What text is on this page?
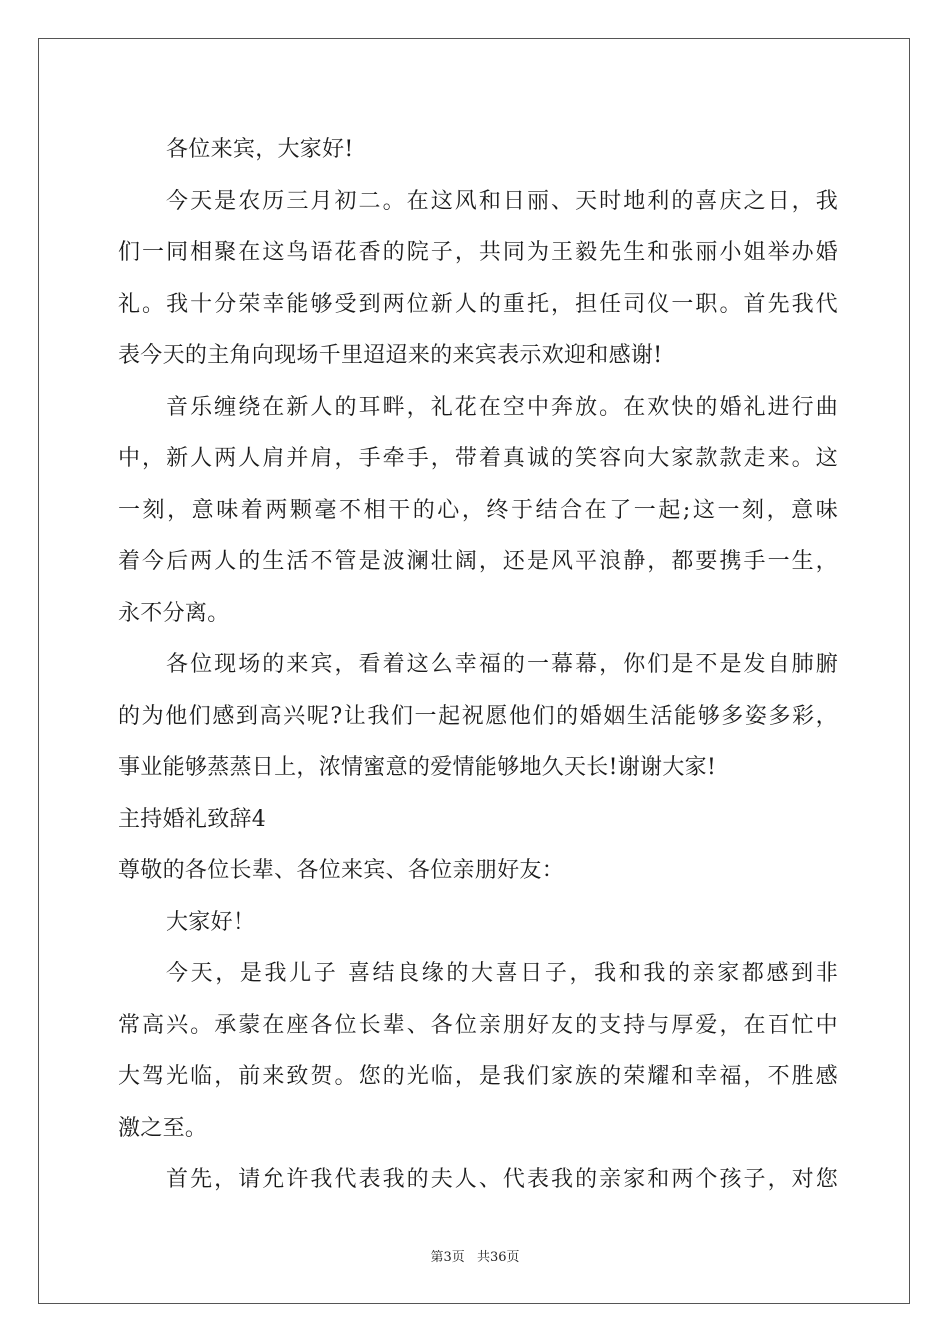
各位来宾，大家好!
今天是农历三月初二。在这风和日丽、天时地利的喜庆之日，我
们一同相聚在这鸟语花香的院子，共同为王毅先生和张丽小姐举办婚
礼。我十分荣幸能够受到两位新人的重托，担任司仪一职。首先我代
表今天的主角向现场千里迢迢来的来宾表示欢迎和感谢!
音乐缠绕在新人的耳畔，礼花在空中奔放。在欢快的婚礼进行曲
中，新人两人肩并肩，手牵手，带着真诚的笑容向大家款款走来。这
一刻，意味着两颗毫不相干的心，终于结合在了一起;这一刻，意味
着今后两人的生活不管是波澜壮阔，还是风平浪静，都要携手一生，
永不分离。
各位现场的来宾，看着这么幸福的一幕幕，你们是不是发自肺腑
的为他们感到高兴呢?让我们一起祝愿他们的婚姻生活能够多姿多彩，
事业能够蒸蒸日上，浓情蜜意的爱情能够地久天长!谢谢大家!
主持婚礼致辞4
尊敬的各位长辈、各位来宾、各位亲朋好友：
大家好！
今天，是我儿子 喜结良缘的大喜日子，我和我的亲家都感到非
常高兴。承蒙在座各位长辈、各位亲朋好友的支持与厚爱，在百忙中
大驾光临，前来致贺。您的光临，是我们家族的荣耀和幸福，不胜感
激之至。
首先，请允许我代表我的夫人、代表我的亲家和两个孩子，对您
第3页 共36页
